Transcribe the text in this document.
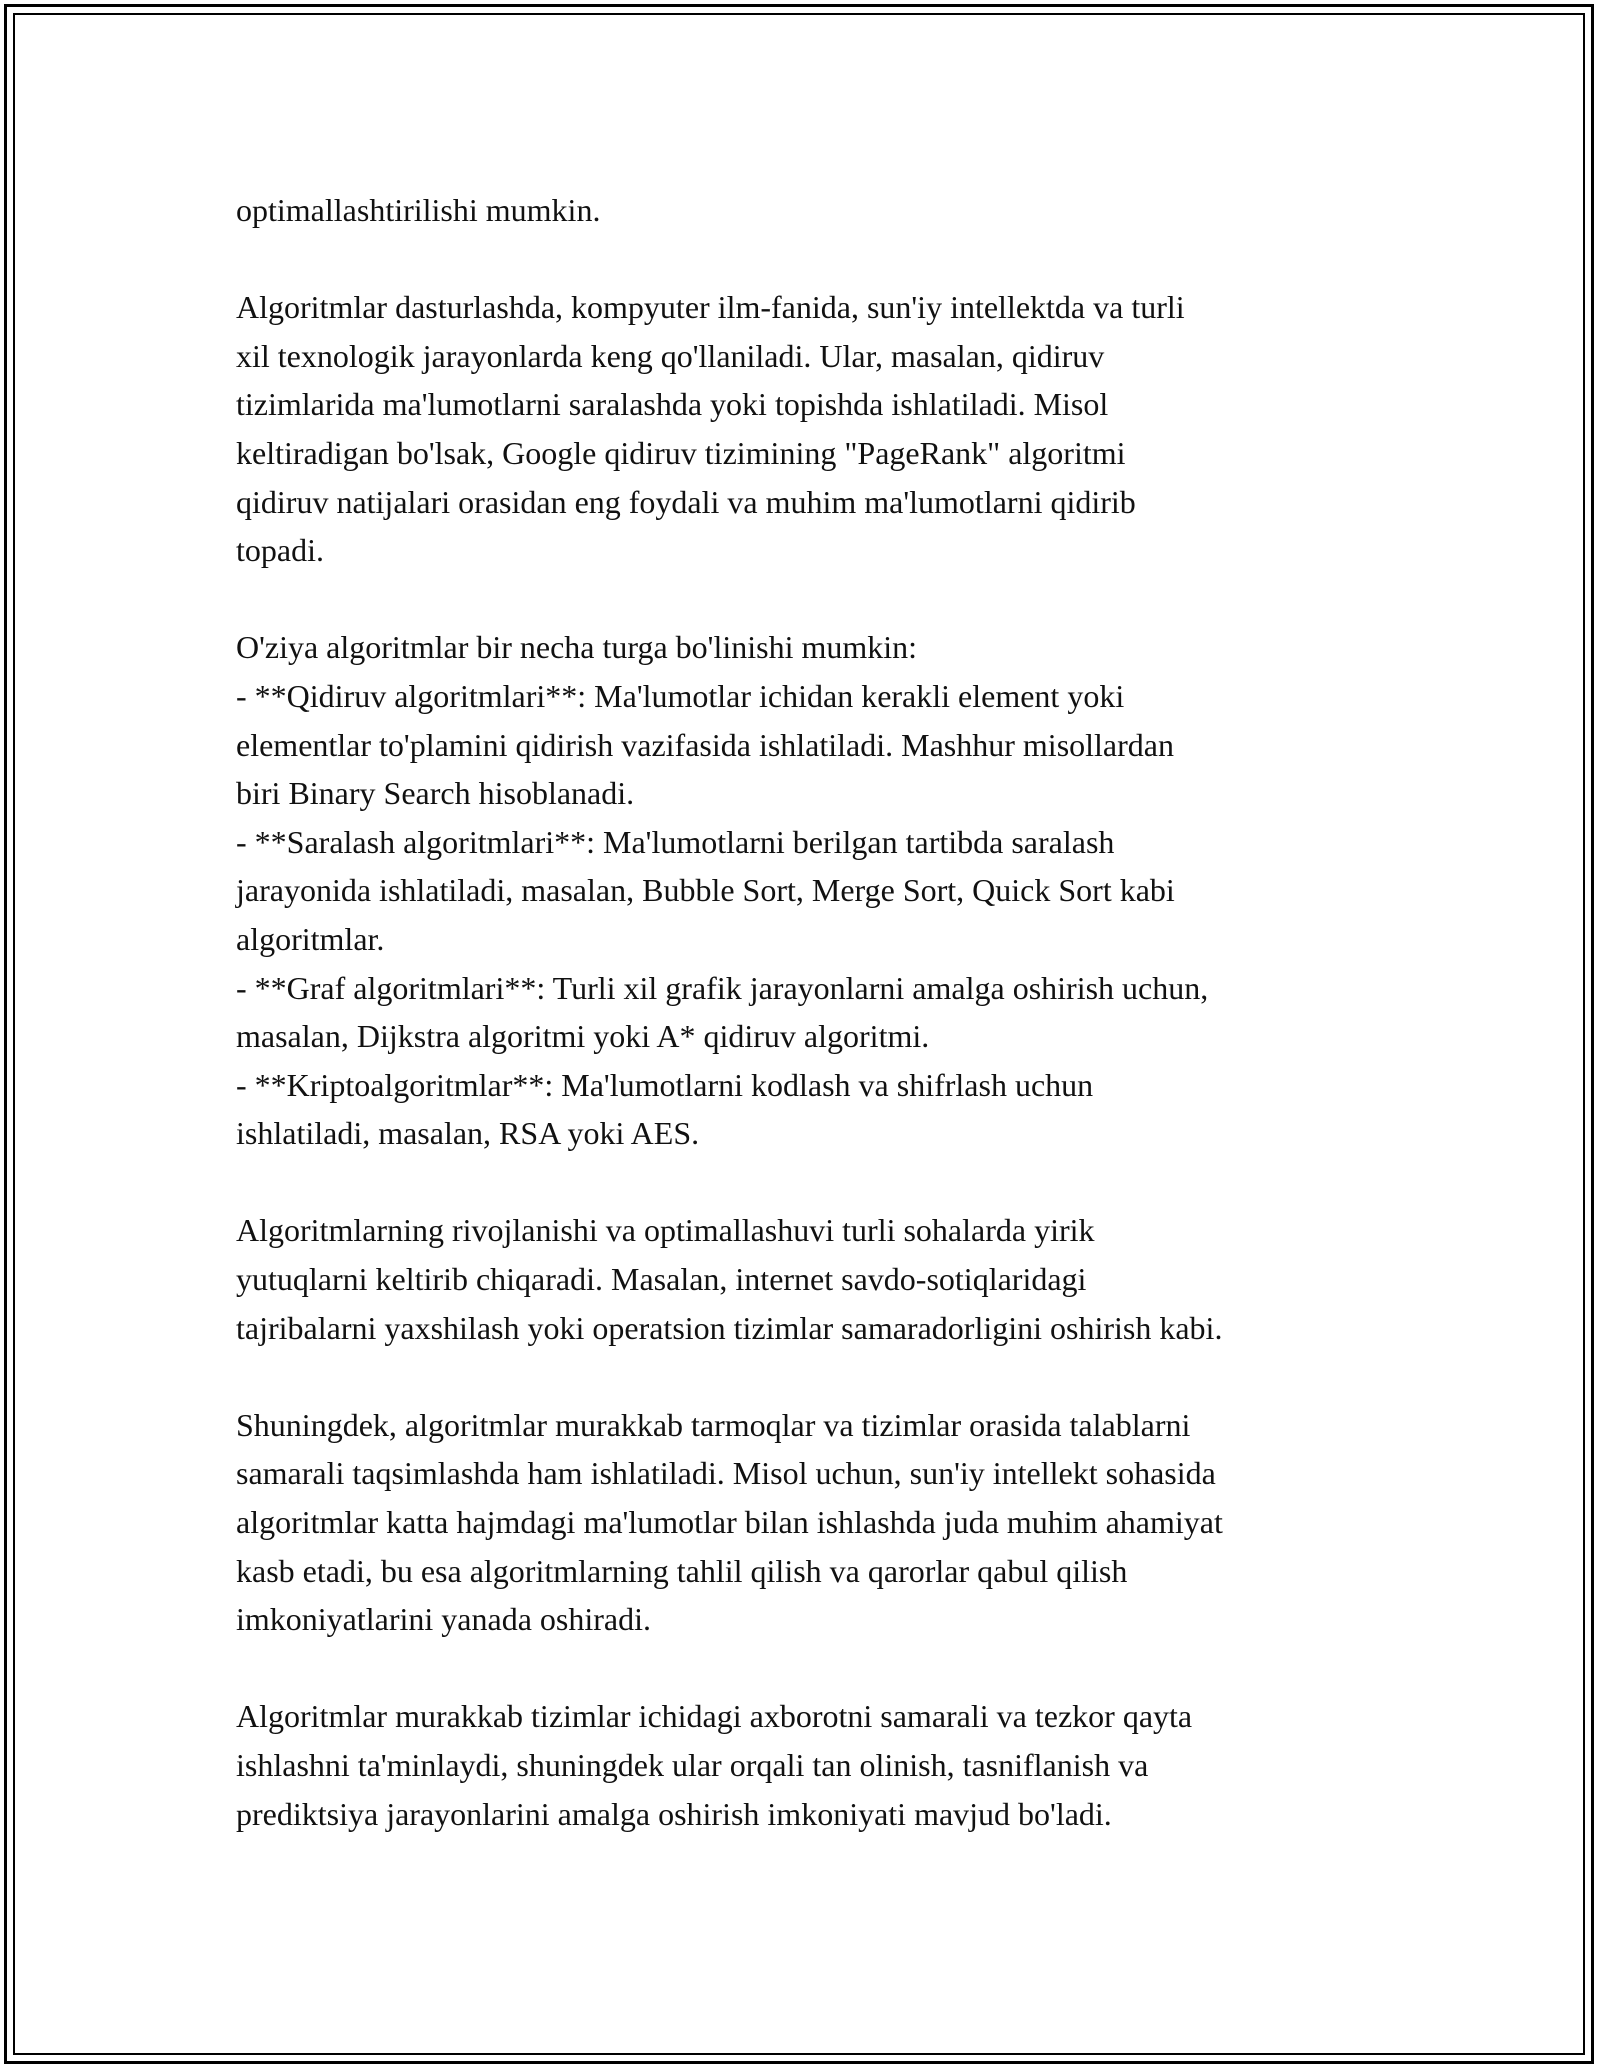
optimallashtirilishi mumkin.

Algoritmlar dasturlashda, kompyuter ilm-fanida, sun'iy intellektda va turli
xil texnologik jarayonlarda keng qo'llaniladi. Ular, masalan, qidiruv
tizimlarida ma'lumotlarni saralashda yoki topishda ishlatiladi. Misol
keltiradigan bo'lsak, Google qidiruv tizimining "PageRank" algoritmi
qidiruv natijalari orasidan eng foydali va muhim ma'lumotlarni qidirib
topadi.

O'ziya algoritmlar bir necha turga bo'linishi mumkin:

- **Qidiruv algoritmlari**: Ma'lumotlar ichidan kerakli element yoki
elementlar to'plamini qidirish vazifasida ishlatiladi. Mashhur misollardan
biri Binary Search hisoblanadi.

- **Saralash algoritmlari**: Ma'lumotlarni berilgan tartibda saralash
jarayonida ishlatiladi, masalan, Bubble Sort, Merge Sort, Quick Sort kabi
algoritmlar.

- **Graf algoritmlari**: Turli xil grafik jarayonlarni amalga oshirish uchun,
masalan, Dijkstra algoritmi yoki A* qidiruv algoritmi.

- **Kriptoalgoritmlar**: Ma'lumotlarni kodlash va shifrlash uchun
ishlatiladi, masalan, RSA yoki AES.

Algoritmlarning rivojlanishi va optimallashuvi turli sohalarda yirik
yutuqlarni keltirib chiqaradi. Masalan, internet savdo-sotiqlaridagi
tajribalarni yaxshilash yoki operatsion tizimlar samaradorligini oshirish kabi.

Shuningdek, algoritmlar murakkab tarmoqlar va tizimlar orasida talablarni
samarali taqsimlashda ham ishlatiladi. Misol uchun, sun'iy intellekt sohasida
algoritmlar katta hajmdagi ma'lumotlar bilan ishlashda juda muhim ahamiyat
kasb etadi, bu esa algoritmlarning tahlil qilish va qarorlar qabul qilish
imkoniyatlarini yanada oshiradi.

Algoritmlar murakkab tizimlar ichidagi axborotni samarali va tezkor qayta
ishlashni ta'minlaydi, shuningdek ular orqali tan olinish, tasniflanish va
prediktsiya jarayonlarini amalga oshirish imkoniyati mavjud bo'ladi.
